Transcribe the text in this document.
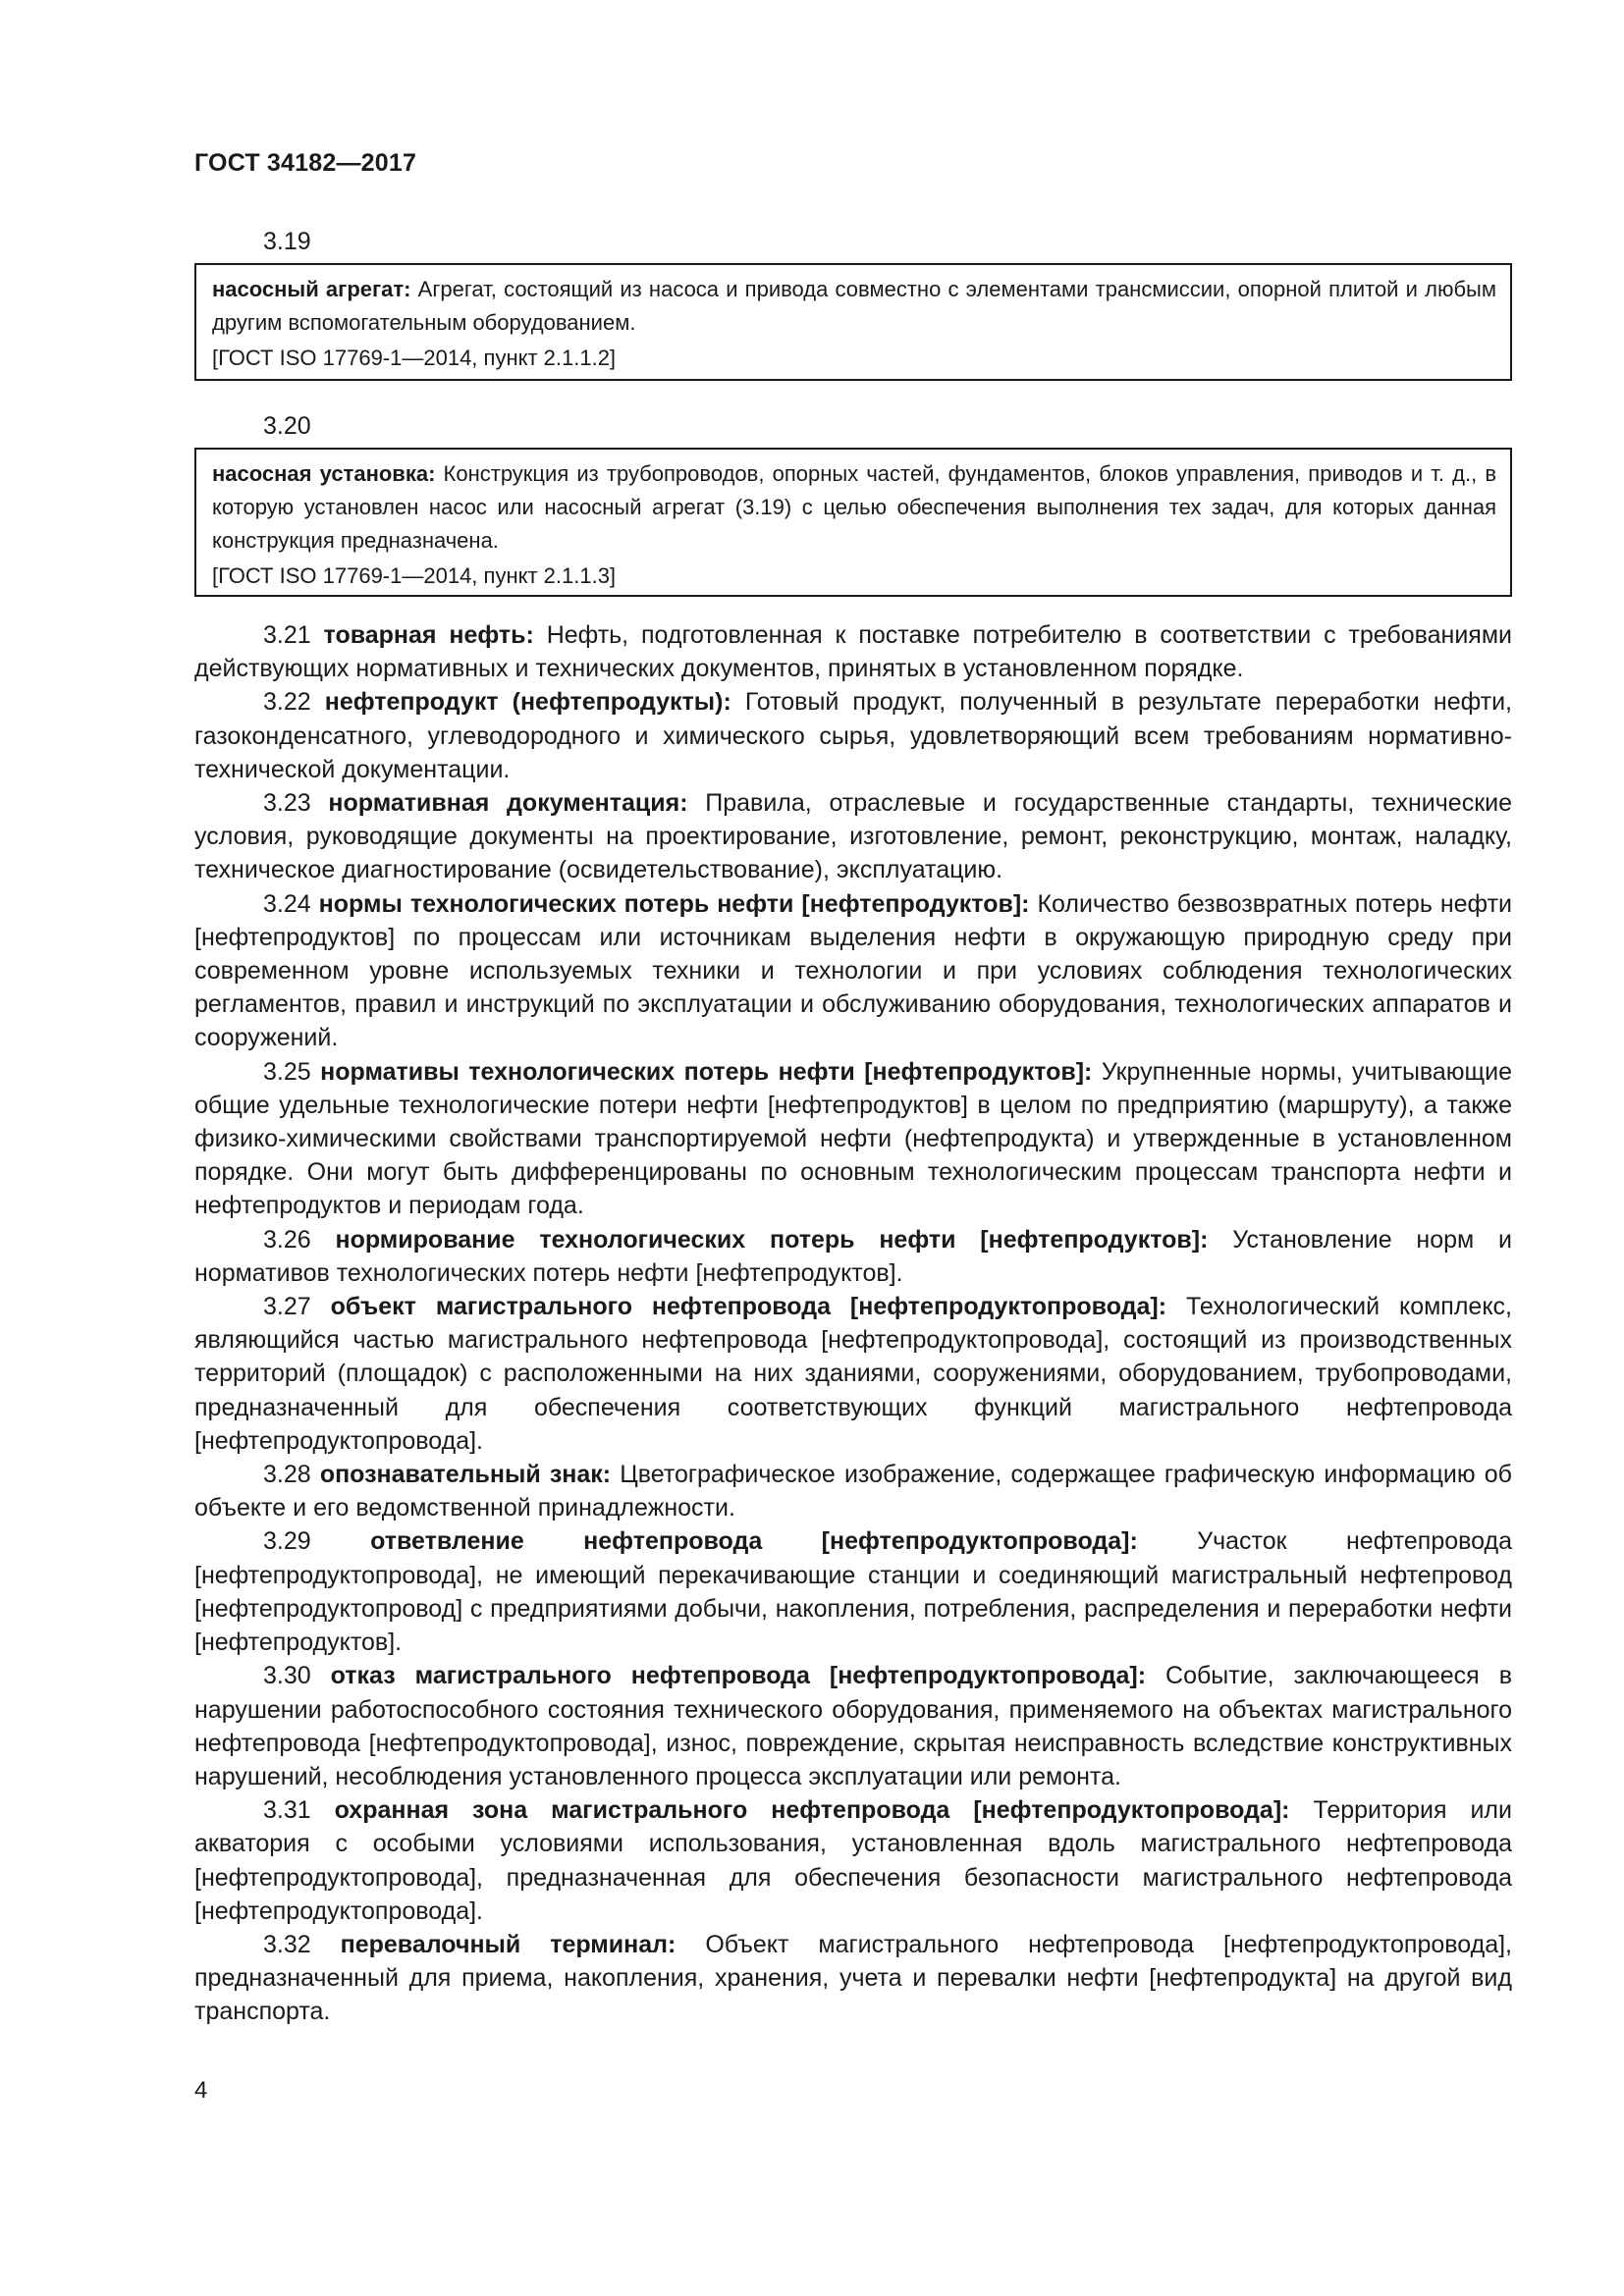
ГОСТ 34182—2017
3.19

насосный агрегат: Агрегат, состоящий из насоса и привода совместно с элементами трансмиссии, опорной плитой и любым другим вспомогательным оборудованием.

[ГОСТ ISO 17769-1—2014, пункт 2.1.1.2]

3.20

насосная установка: Конструкция из трубопроводов, опорных частей, фундаментов, блоков управления, приводов и т. д., в которую установлен насос или насосный агрегат (3.19) с целью обеспечения выполнения тех задач, для которых данная конструкция предназначена.

[ГОСТ ISO 17769-1—2014, пункт 2.1.1.3]

3.21 товарная нефть: Нефть, подготовленная к поставке потребителю в соответствии с требованиями действующих нормативных и технических документов, принятых в установленном порядке.

3.22 нефтепродукт (нефтепродукты): Готовый продукт, полученный в результате переработки нефти, газоконденсатного, углеводородного и химического сырья, удовлетворяющий всем требованиям нормативно-технической документации.

3.23 нормативная документация: Правила, отраслевые и государственные стандарты, технические условия, руководящие документы на проектирование, изготовление, ремонт, реконструкцию, монтаж, наладку, техническое диагностирование (освидетельствование), эксплуатацию.

3.24 нормы технологических потерь нефти [нефтепродуктов]: Количество безвозвратных потерь нефти [нефтепродуктов] по процессам или источникам выделения нефти в окружающую природную среду при современном уровне используемых техники и технологии и при условиях соблюдения технологических регламентов, правил и инструкций по эксплуатации и обслуживанию оборудования, технологических аппаратов и сооружений.

3.25 нормативы технологических потерь нефти [нефтепродуктов]: Укрупненные нормы, учитывающие общие удельные технологические потери нефти [нефтепродуктов] в целом по предприятию (маршруту), а также физико-химическими свойствами транспортируемой нефти (нефтепродукта) и утвержденные в установленном порядке. Они могут быть дифференцированы по основным технологическим процессам транспорта нефти и нефтепродуктов и периодам года.

3.26 нормирование технологических потерь нефти [нефтепродуктов]: Установление норм и нормативов технологических потерь нефти [нефтепродуктов].

3.27 объект магистрального нефтепровода [нефтепродуктопровода]: Технологический комплекс, являющийся частью магистрального нефтепровода [нефтепродуктопровода], состоящий из производственных территорий (площадок) с расположенными на них зданиями, сооружениями, оборудованием, трубопроводами, предназначенный для обеспечения соответствующих функций магистрального нефтепровода [нефтепродуктопровода].

3.28 опознавательный знак: Цветографическое изображение, содержащее графическую информацию об объекте и его ведомственной принадлежности.

3.29 ответвление нефтепровода [нефтепродуктопровода]: Участок нефтепровода [нефтепродуктопровода], не имеющий перекачивающие станции и соединяющий магистральный нефтепровод [нефтепродуктопровод] с предприятиями добычи, накопления, потребления, распределения и переработки нефти [нефтепродуктов].

3.30 отказ магистрального нефтепровода [нефтепродуктопровода]: Событие, заключающееся в нарушении работоспособного состояния технического оборудования, применяемого на объектах магистрального нефтепровода [нефтепродуктопровода], износ, повреждение, скрытая неисправность вследствие конструктивных нарушений, несоблюдения установленного процесса эксплуатации или ремонта.

3.31 охранная зона магистрального нефтепровода [нефтепродуктопровода]: Территория или акватория с особыми условиями использования, установленная вдоль магистрального нефтепровода [нефтепродуктопровода], предназначенная для обеспечения безопасности магистрального нефтепровода [нефтепродуктопровода].

3.32 перевалочный терминал: Объект магистрального нефтепровода [нефтепродуктопровода], предназначенный для приема, накопления, хранения, учета и перевалки нефти [нефтепродукта] на другой вид транспорта.

4
